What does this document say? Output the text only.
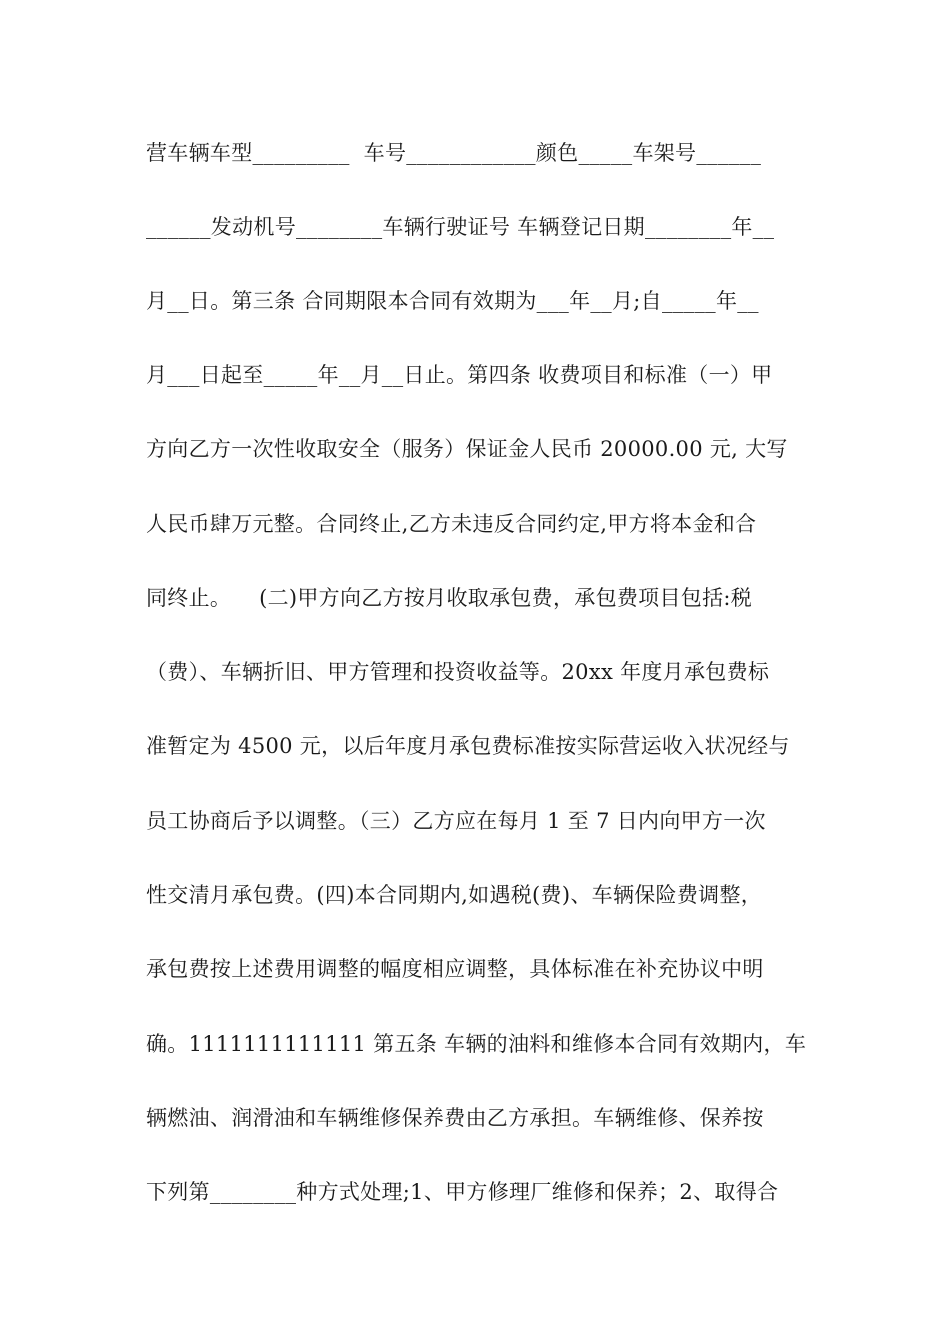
营车辆车型_________  车号____________颜色_____车架号______
______发动机号________车辆行驶证号 车辆登记日期________年__
月__日。第三条 合同期限本合同有效期为___年__月;自_____年__
月___日起至_____年__月__日止。第四条 收费项目和标准（一）甲
方向乙方一次性收取安全（服务）保证金人民币 20000.00 元, 大写
人民币肆万元整。合同终止,乙方未违反合同约定,甲方将本金和合
同终止。    (二)甲方向乙方按月收取承包费，承包费项目包括:税
（费）、车辆折旧、甲方管理和投资收益等。20xx 年度月承包费标
准暂定为 4500 元，以后年度月承包费标准按实际营运收入状况经与
员工协商后予以调整。（三）乙方应在每月 1 至 7 日内向甲方一次
性交清月承包费。(四)本合同期内,如遇税(费)、车辆保险费调整，
承包费按上述费用调整的幅度相应调整，具体标准在补充协议中明
确。1111111111111 第五条 车辆的油料和维修本合同有效期内，车
辆燃油、润滑油和车辆维修保养费由乙方承担。车辆维修、保养按
下列第________种方式处理;1、甲方修理厂维修和保养；2、取得合
